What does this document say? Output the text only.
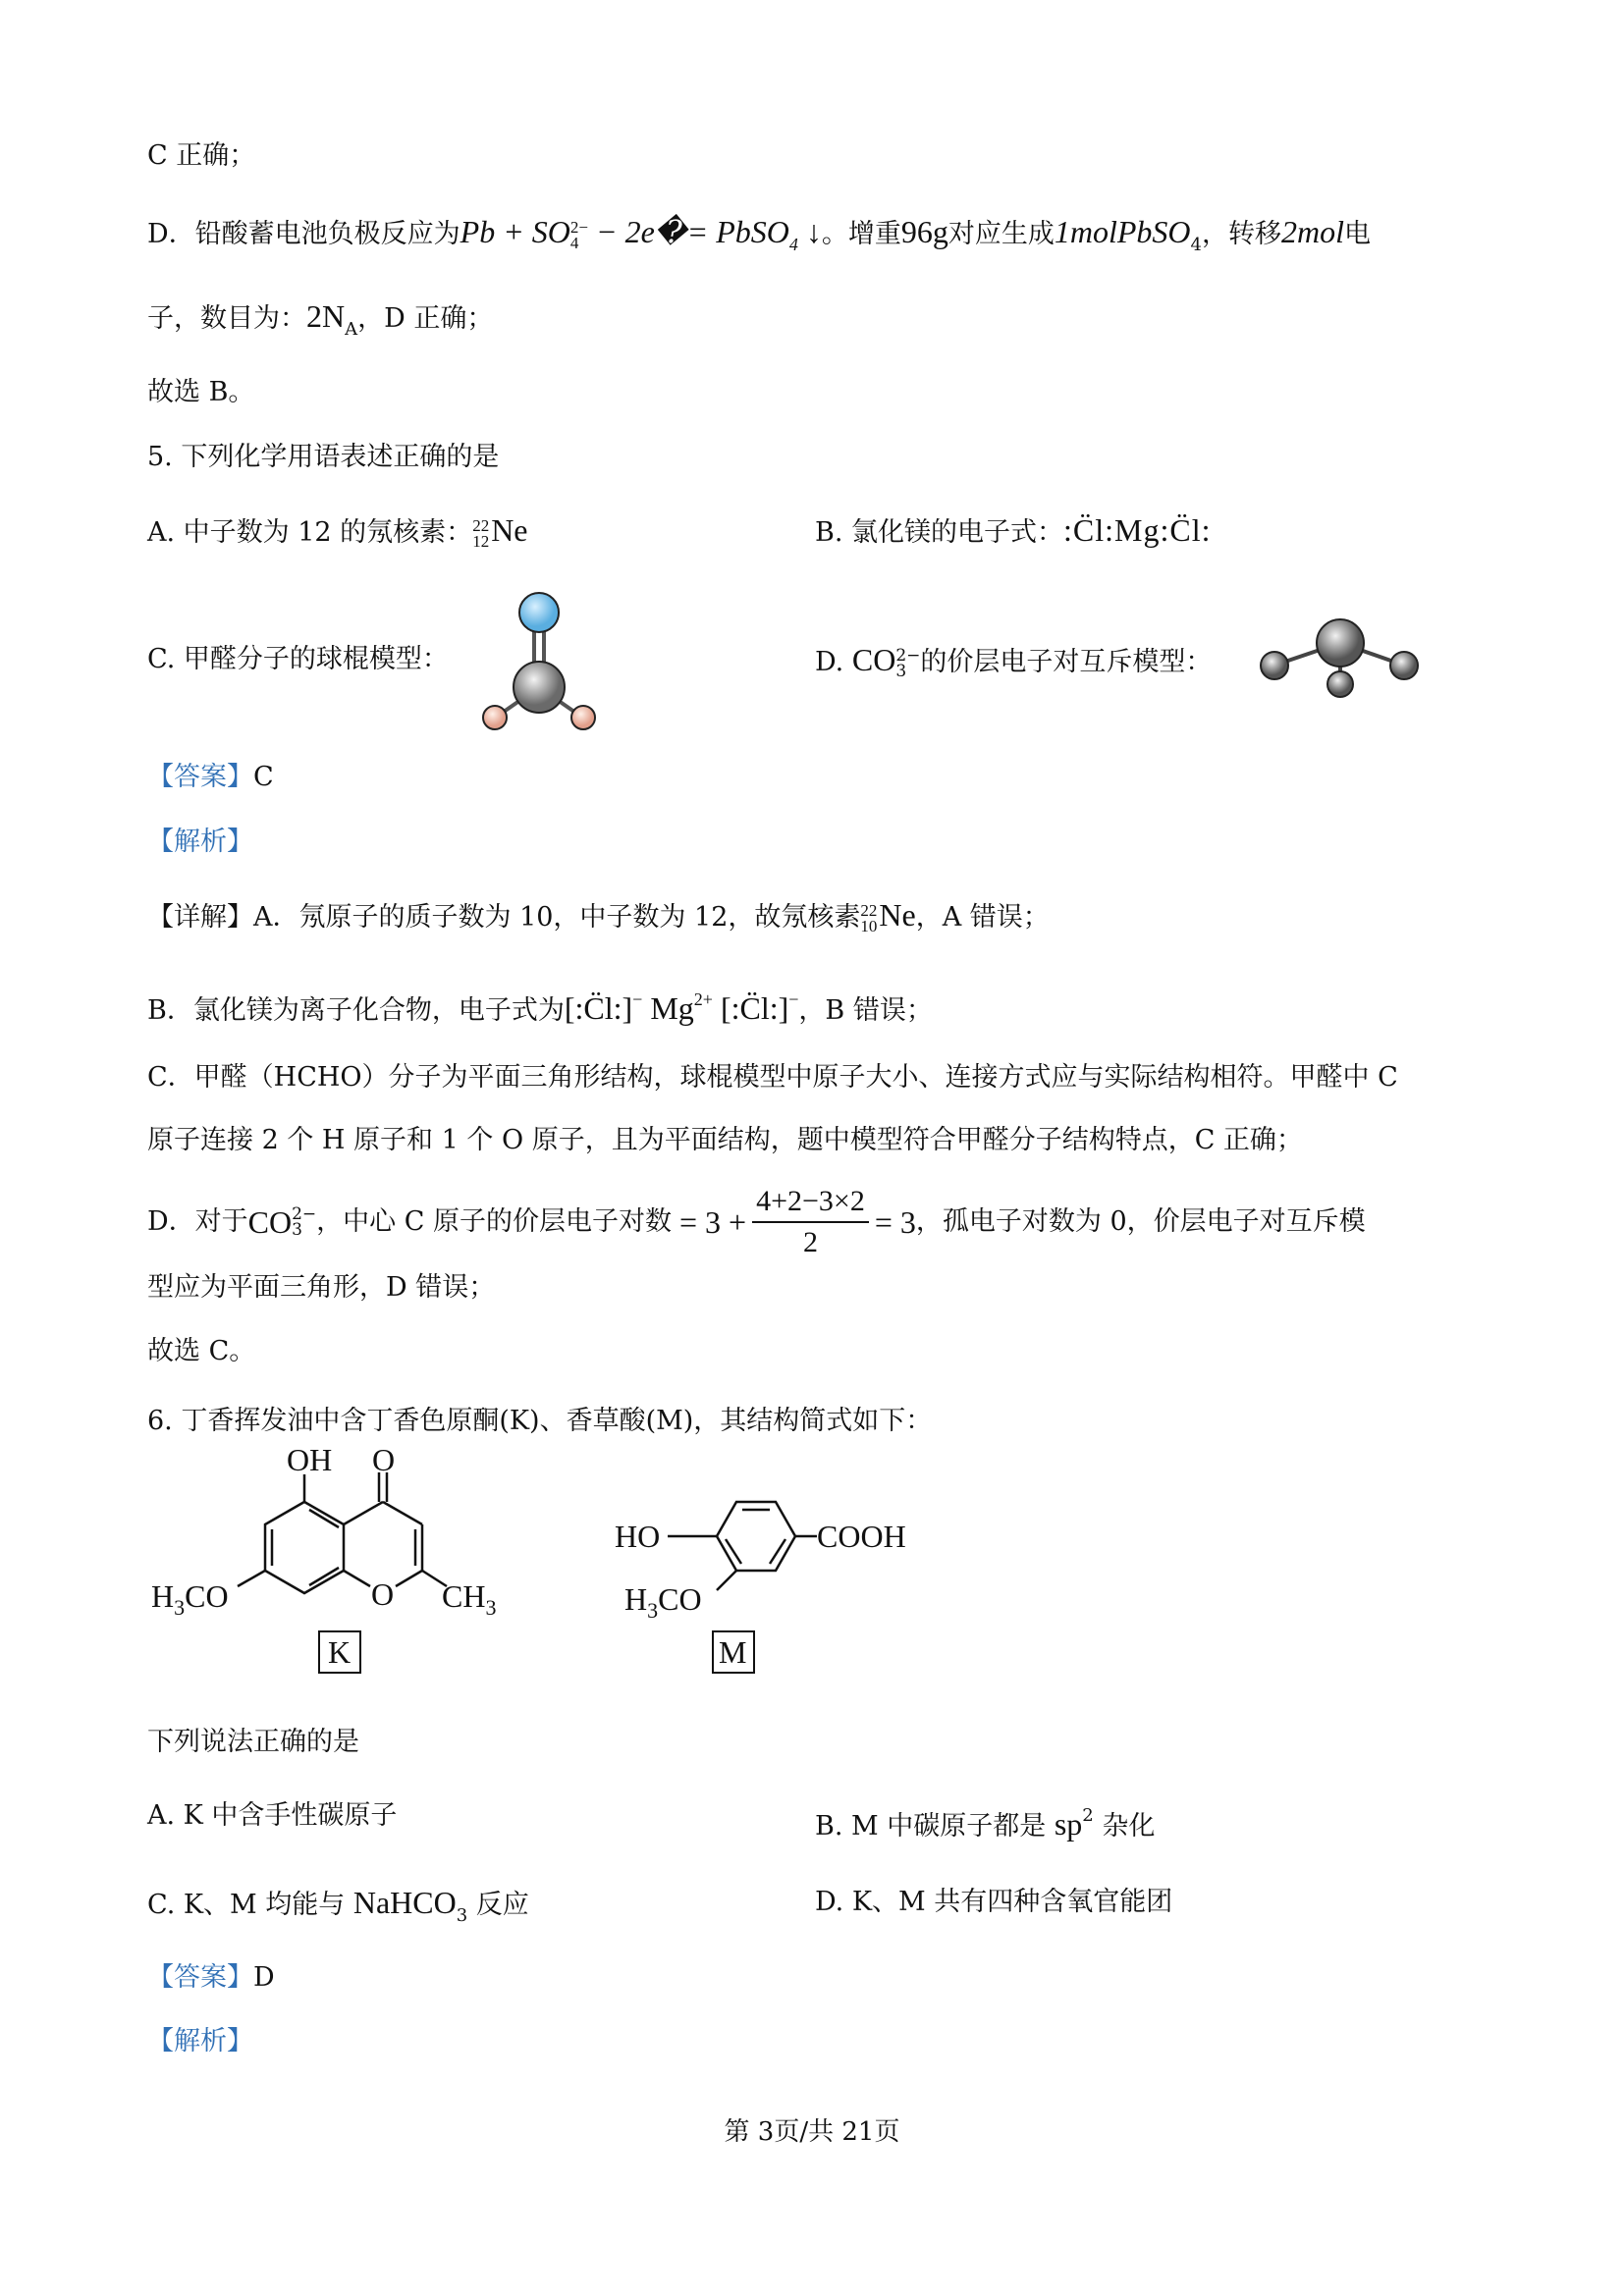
C 正确；
D．铅酸蓄电池负极反应为Pb + SO2−
4 − 2e�= PbSO$_4$ ↓。增重96g对应生成1molPbSO$_4$，转移2mol电
子，数目为：$2N_A$，D 正确；
故选 B。
5. 下列化学用语表述正确的是
A. 中子数为 12 的氖核素：22
12Ne	B. 氯化镁的电子式：:C̈l:Mg:C̈l:
C. 甲醛分子的球棍模型：	D. CO2−
3 的价层电子对互斥模型：
【答案】C
【解析】
【详解】A．氖原子的质子数为 10，中子数为 12，故氖核素22
10Ne，A 错误；
B．氯化镁为离子化合物，电子式为[:C̈l:]− $Mg^{2+}$ [:C̈l:]−，B 错误；
C．甲醛（HCHO）分子为平面三角形结构，球棍模型中原子大小、连接方式应与实际结构相符。甲醛中 C
原子连接 2 个 H 原子和 1 个 O 原子，且为平面结构，题中模型符合甲醛分子结构特点，C 正确；
D．对于 CO 2−
3 ，中心 C 原子的价层电子对数 = $3 + \frac{4+2-3\times 2}{2} = 3$ ，孤电子对数为 0，价层电子对互斥模
型应为平面三角形，D 错误；
故选 C。
6. 丁香挥发油中含丁香色原酮(K)、香草酸(M)，其结构简式如下：
OH O
O
$H_3CO$	$CH_3$
K
HO	COOH
$H_3CO$
M
下列说法正确的是
A. K 中含手性碳原子	B. M 中碳原子都是 $sp^2$ 杂化
C. K、M 均能与 NaHCO$_3$ 反应	D. K、M 共有四种含氧官能团
【答案】D
【解析】
第 3页/共 21页
